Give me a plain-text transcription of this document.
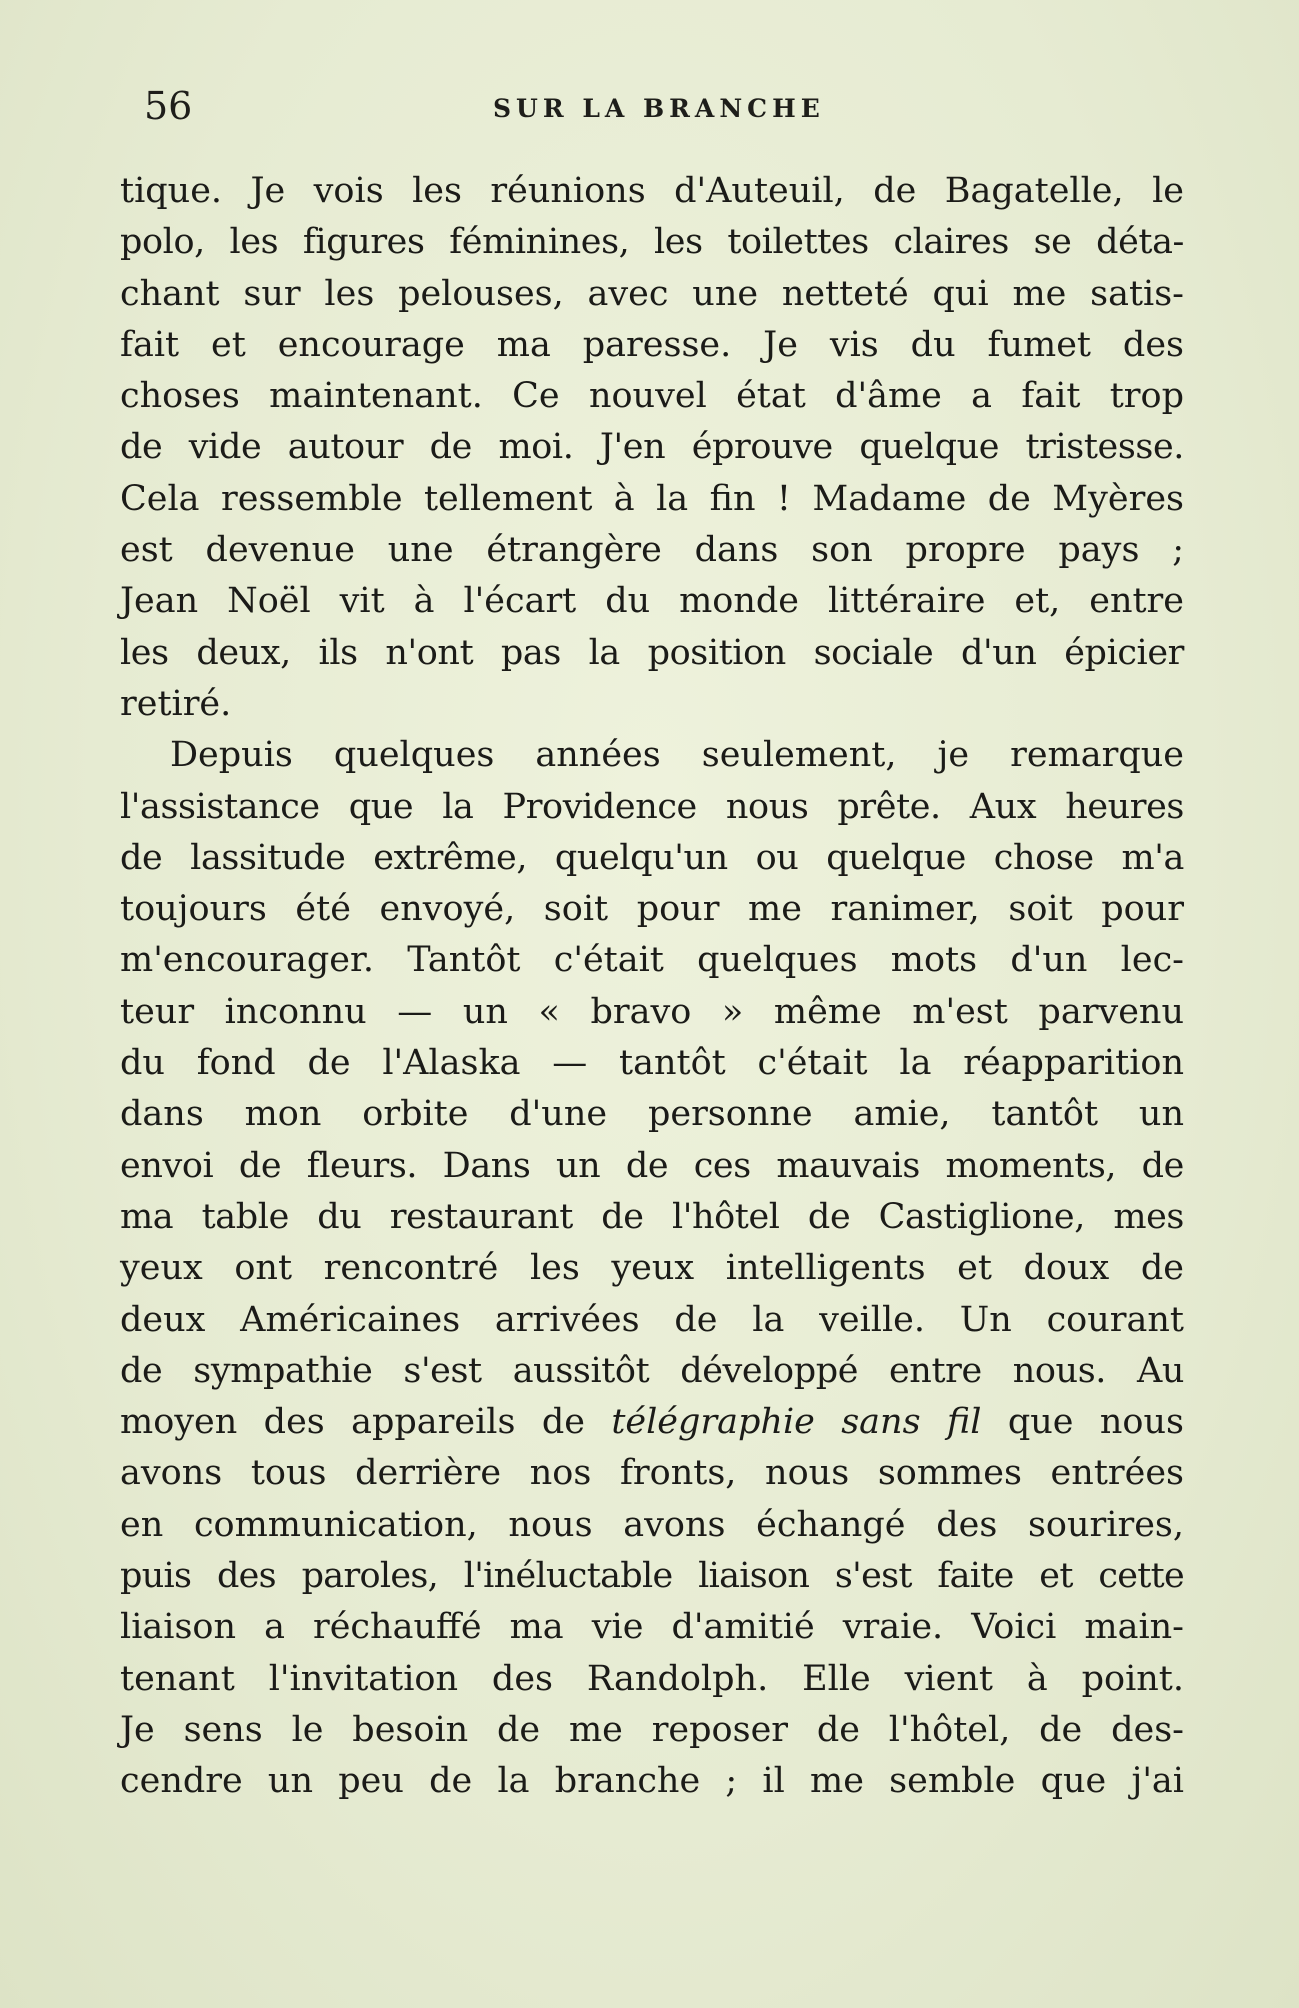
56	SUR LA BRANCHE
tique. Je vois les réunions d'Auteuil, de Bagatelle, le
polo, les figures féminines, les toilettes claires se déta-
chant sur les pelouses, avec une netteté qui me satis-
fait et encourage ma paresse. Je vis du fumet des
choses maintenant. Ce nouvel état d'âme a fait trop
de vide autour de moi. J'en éprouve quelque tristesse.
Cela ressemble tellement à la fin ! Madame de Myères
est devenue une étrangère dans son propre pays ;
Jean Noël vit à l'écart du monde littéraire et, entre
les deux, ils n'ont pas la position sociale d'un épicier
retiré.
Depuis quelques années seulement, je remarque
l'assistance que la Providence nous prête. Aux heures
de lassitude extrême, quelqu'un ou quelque chose m'a
toujours été envoyé, soit pour me ranimer, soit pour
m'encourager. Tantôt c'était quelques mots d'un lec-
teur inconnu — un « bravo » même m'est parvenu
du fond de l'Alaska — tantôt c'était la réapparition
dans mon orbite d'une personne amie, tantôt un
envoi de fleurs. Dans un de ces mauvais moments, de
ma table du restaurant de l'hôtel de Castiglione, mes
yeux ont rencontré les yeux intelligents et doux de
deux Américaines arrivées de la veille. Un courant
de sympathie s'est aussitôt développé entre nous. Au
moyen des appareils de télégraphie sans fil que nous
avons tous derrière nos fronts, nous sommes entrées
en communication, nous avons échangé des sourires,
puis des paroles, l'inéluctable liaison s'est faite et cette
liaison a réchauffé ma vie d'amitié vraie. Voici main-
tenant l'invitation des Randolph. Elle vient à point.
Je sens le besoin de me reposer de l'hôtel, de des-
cendre un peu de la branche ; il me semble que j'ai
